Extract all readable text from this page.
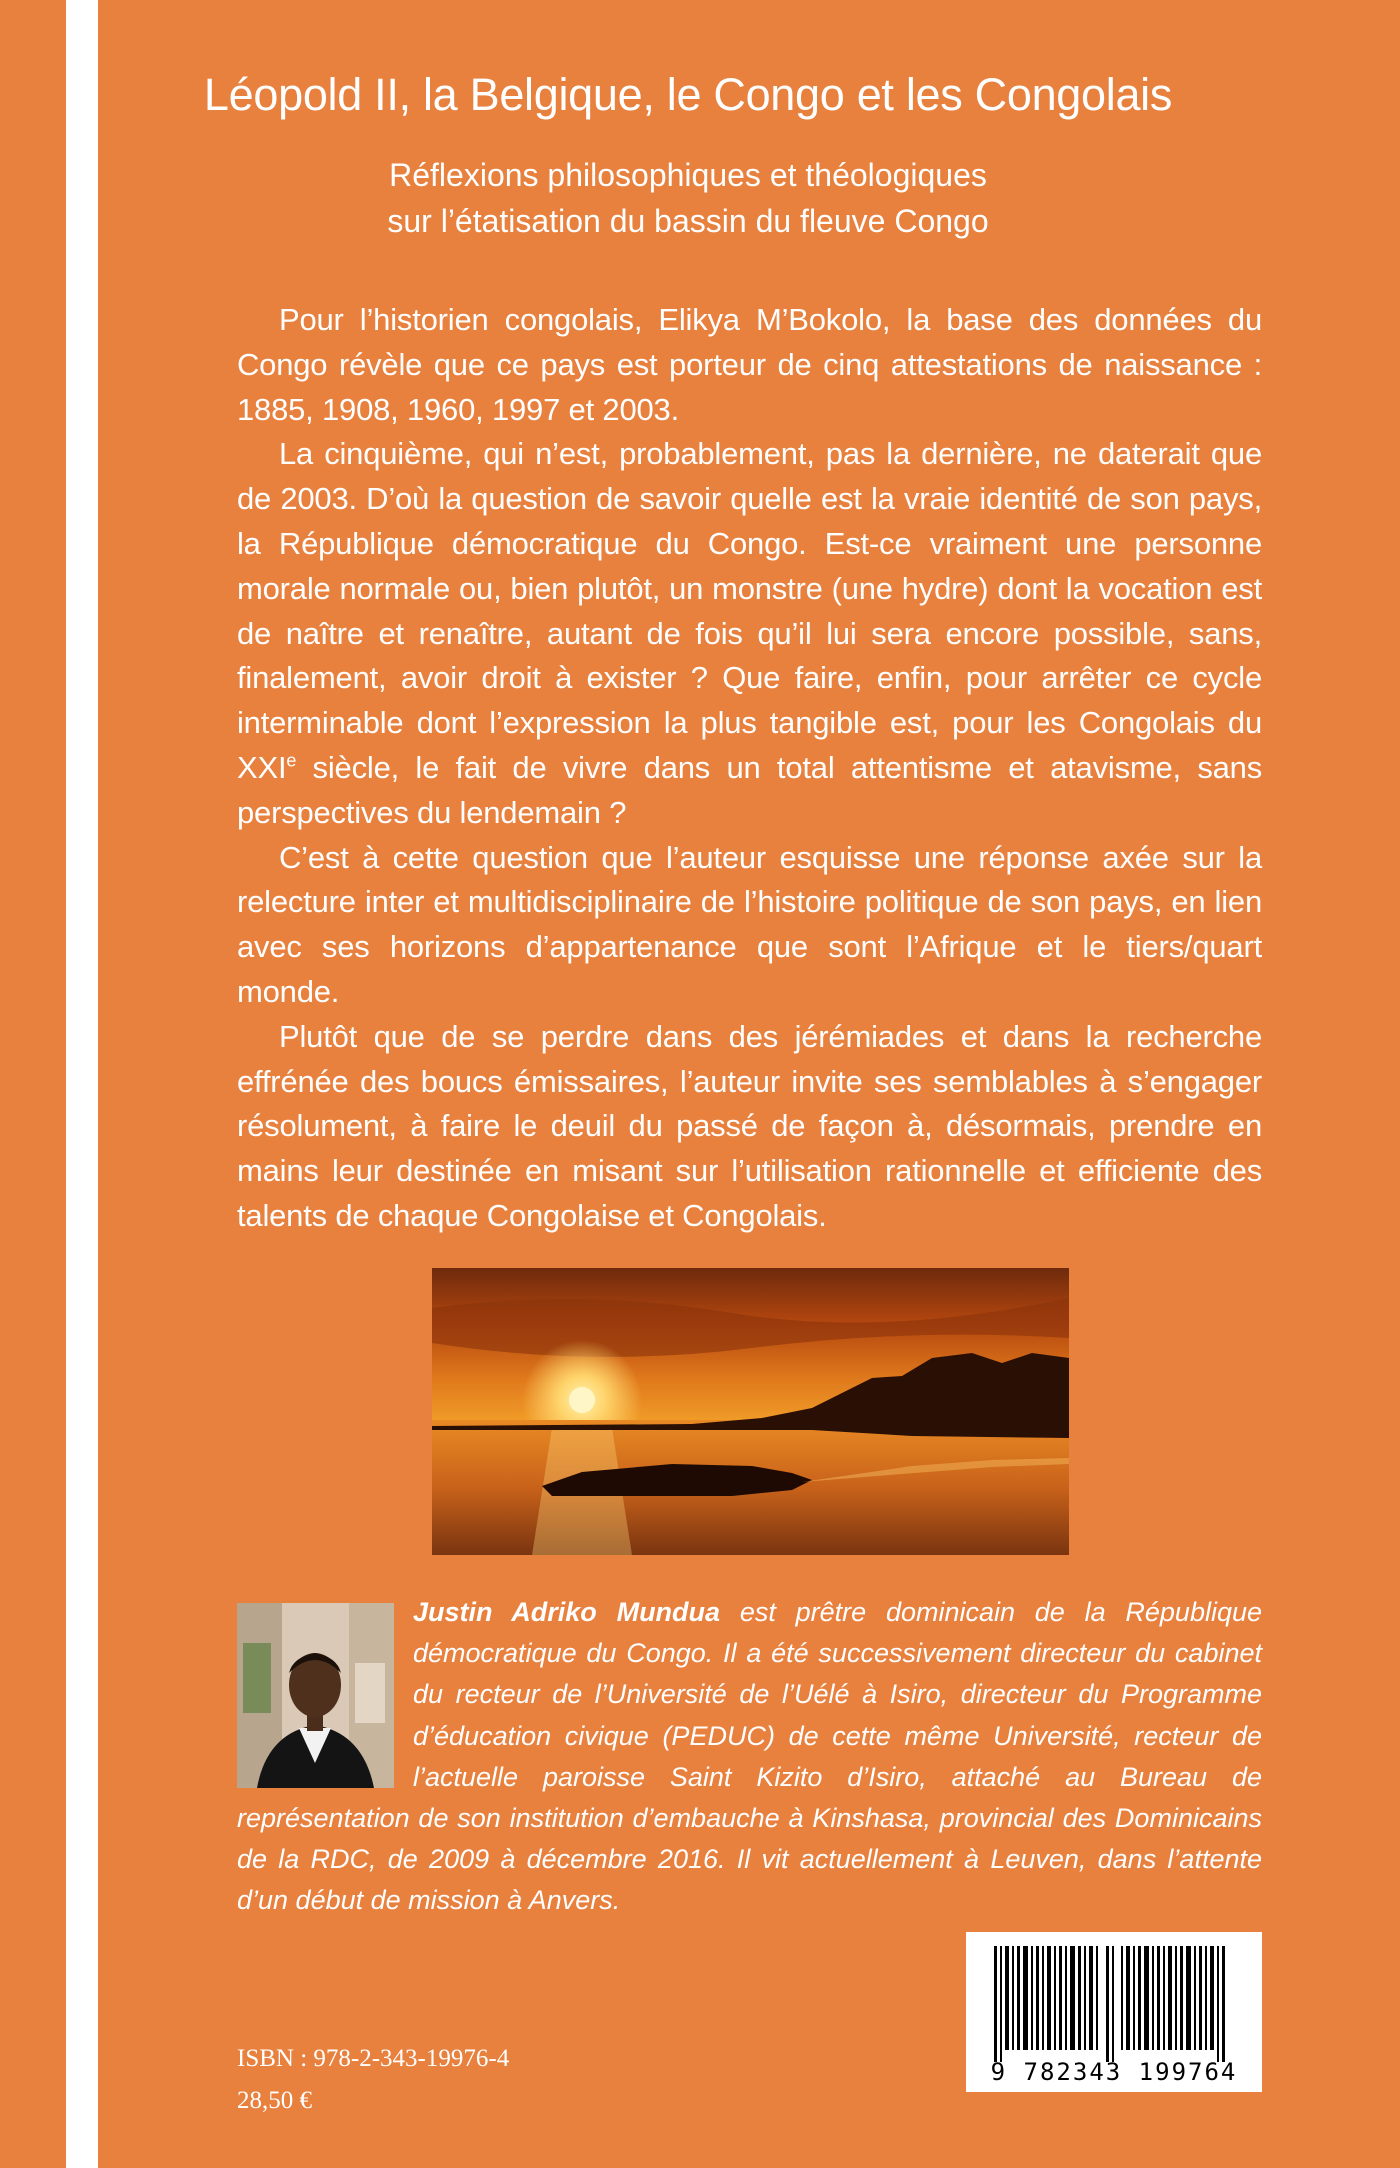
Léopold II, la Belgique, le Congo et les Congolais
Réflexions philosophiques et théologiques
sur l’étatisation du bassin du fleuve Congo

Pour l’historien congolais, Elikya M’Bokolo, la base des données du Congo révèle que ce pays est porteur de cinq attestations de naissance : 1885, 1908, 1960, 1997 et 2003.

La cinquième, qui n’est, probablement, pas la dernière, ne daterait que de 2003. D’où la question de savoir quelle est la vraie identité de son pays, la République démocratique du Congo. Est-ce vraiment une personne morale normale ou, bien plutôt, un monstre (une hydre) dont la vocation est de naître et renaître, autant de fois qu’il lui sera encore possible, sans, finalement, avoir droit à exister ? Que faire, enfin, pour arrêter ce cycle interminable dont l’expression la plus tangible est, pour les Congolais du XXIe siècle, le fait de vivre dans un total attentisme et atavisme, sans perspectives du lendemain ?

C’est à cette question que l’auteur esquisse une réponse axée sur la relecture inter et multidisciplinaire de l’histoire politique de son pays, en lien avec ses horizons d’appartenance que sont l’Afrique et le tiers/quart monde.

Plutôt que de se perdre dans des jérémiades et dans la recherche effrénée des boucs émissaires, l’auteur invite ses semblables à s’engager résolument, à faire le deuil du passé de façon à, désormais, prendre en mains leur destinée en misant sur l’utilisation rationnelle et efficiente des talents de chaque Congolaise et Congolais.

Justin Adriko Mundua est prêtre dominicain de la République démocratique du Congo. Il a été successivement directeur du cabinet du recteur de l’Université de l’Uélé à Isiro, directeur du Programme d’éducation civique (PEDUC) de cette même Université, recteur de l’actuelle paroisse Saint Kizito d’Isiro, attaché au Bureau de représentation de son institution d’embauche à Kinshasa, provincial des Dominicains de la RDC, de 2009 à décembre 2016. Il vit actuellement à Leuven, dans l’attente d’un début de mission à Anvers.
9 782343 199764
ISBN : 978-2-343-19976-4
28,50 €
